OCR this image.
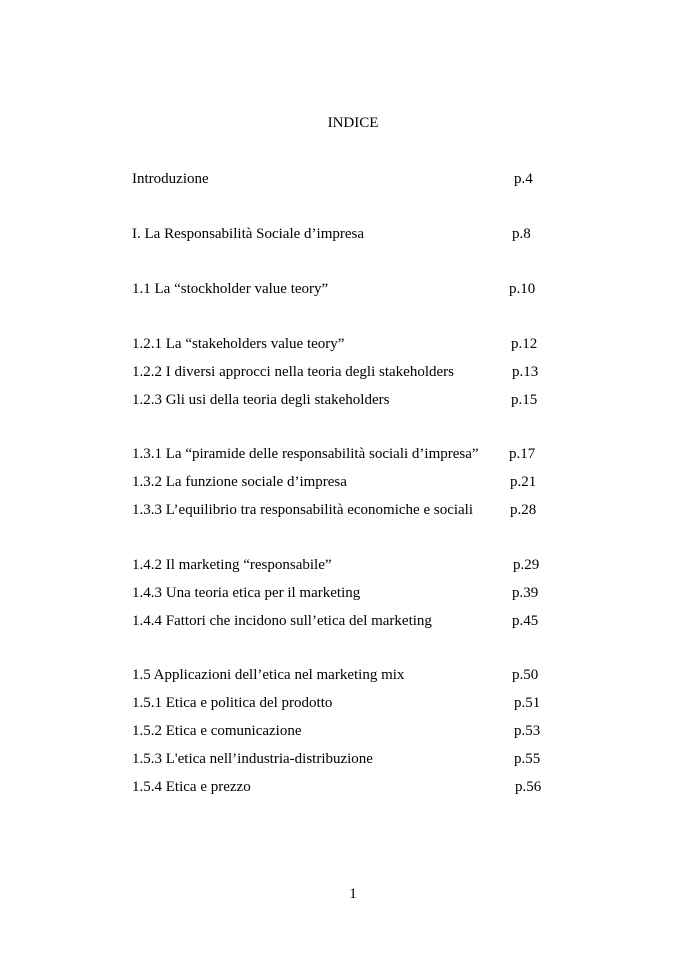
INDICE
Introduzione	p.4
I. La Responsabilità Sociale d’impresa	p.8
1.1 La “stockholder value teory”	p.10
1.2.1 La “stakeholders value teory”	p.12
1.2.2 I diversi approcci nella teoria degli stakeholders	p.13
1.2.3 Gli usi della teoria degli stakeholders	p.15
1.3.1 La “piramide delle responsabilità sociali d’impresa” p.17
1.3.2 La funzione sociale d’impresa	p.21
1.3.3 L’equilibrio tra responsabilità economiche e sociali p.28
1.4.2 Il marketing “responsabile”	p.29
1.4.3 Una teoria etica per il marketing	p.39
1.4.4 Fattori che incidono sull’etica del marketing	p.45
1.5 Applicazioni dell’etica nel marketing mix	p.50
1.5.1 Etica e politica del prodotto	p.51
1.5.2 Etica e comunicazione	p.53
1.5.3 L'etica nell’industria-distribuzione	p.55
1.5.4 Etica e prezzo	p.56
1
